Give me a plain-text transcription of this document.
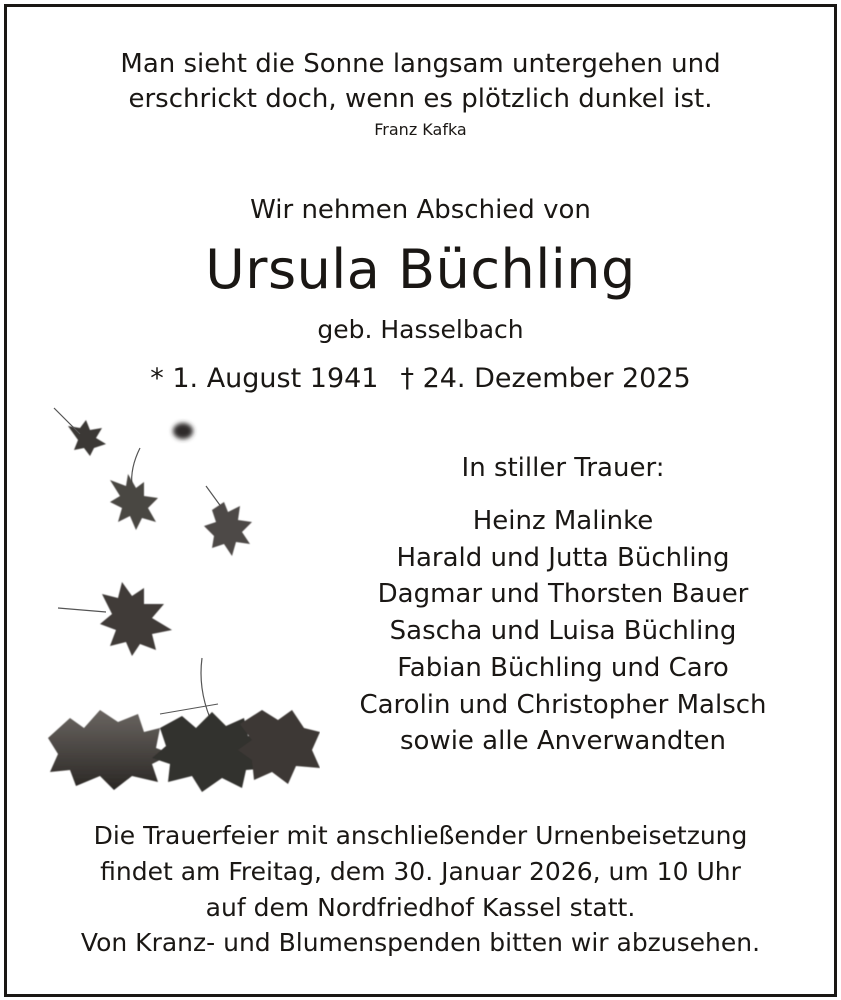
Man sieht die Sonne langsam untergehen und
erschrickt doch, wenn es plötzlich dunkel ist.
Franz Kafka
Wir nehmen Abschied von
Ursula Büchling
geb. Hasselbach
* 1. August 1941 † 24. Dezember 2025
In stiller Trauer:
Heinz Malinke
Harald und Jutta Büchling
Dagmar und Thorsten Bauer
Sascha und Luisa Büchling
Fabian Büchling und Caro
Carolin und Christopher Malsch
sowie alle Anverwandten
Die Trauerfeier mit anschließender Urnenbeisetzung
findet am Freitag, dem 30. Januar 2026, um 10 Uhr
auf dem Nordfriedhof Kassel statt.
Von Kranz- und Blumenspenden bitten wir abzusehen.
